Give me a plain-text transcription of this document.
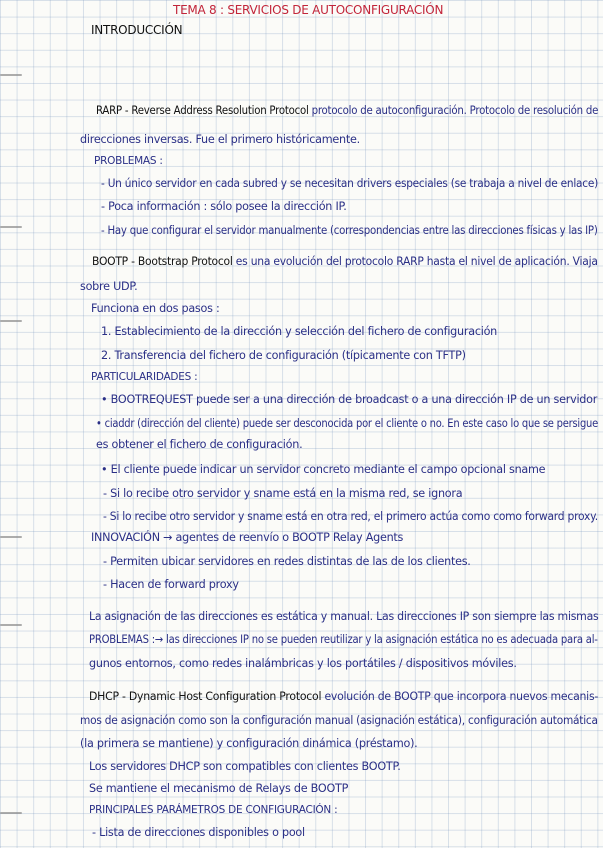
TEMA 8 : SERVICIOS DE AUTOCONFIGURACIÓN
INTRODUCCIÓN
RARP - Reverse Address Resolution Protocol protocolo de autoconfiguración. Protocolo de resolución de
direcciones inversas. Fue el primero históricamente.
PROBLEMAS :
- Un único servidor en cada subred y se necesitan drivers especiales (se trabaja a nivel de enlace)
- Poca información : sólo posee la dirección IP.
- Hay que configurar el servidor manualmente (correspondencias entre las direcciones físicas y las IP)
BOOTP - Bootstrap Protocol es una evolución del protocolo RARP hasta el nivel de aplicación. Viaja
sobre UDP.
Funciona en dos pasos :
1. Establecimiento de la dirección y selección del fichero de configuración
2. Transferencia del fichero de configuración (típicamente con TFTP)
PARTICULARIDADES :
• BOOTREQUEST puede ser a una dirección de broadcast o a una dirección IP de un servidor
• ciaddr (dirección del cliente) puede ser desconocida por el cliente o no. En este caso lo que se persigue
es obtener el fichero de configuración.
• El cliente puede indicar un servidor concreto mediante el campo opcional sname
- Si lo recibe otro servidor y sname está en la misma red, se ignora
- Si lo recibe otro servidor y sname está en otra red, el primero actúa como como forward proxy.
INNOVACIÓN → agentes de reenvío o BOOTP Relay Agents
- Permiten ubicar servidores en redes distintas de las de los clientes.
- Hacen de forward proxy
La asignación de las direcciones es estática y manual. Las direcciones IP son siempre las mismas
PROBLEMAS :→ las direcciones IP no se pueden reutilizar y la asignación estática no es adecuada para al-
gunos entornos, como redes inalámbricas y los portátiles / dispositivos móviles.
DHCP - Dynamic Host Configuration Protocol evolución de BOOTP que incorpora nuevos mecanis-
mos de asignación como son la configuración manual (asignación estática), configuración automática
(la primera se mantiene) y configuración dinámica (préstamo).
Los servidores DHCP son compatibles con clientes BOOTP.
Se mantiene el mecanismo de Relays de BOOTP
PRINCIPALES PARÁMETROS DE CONFIGURACIÓN :
- Lista de direcciones disponibles o pool
